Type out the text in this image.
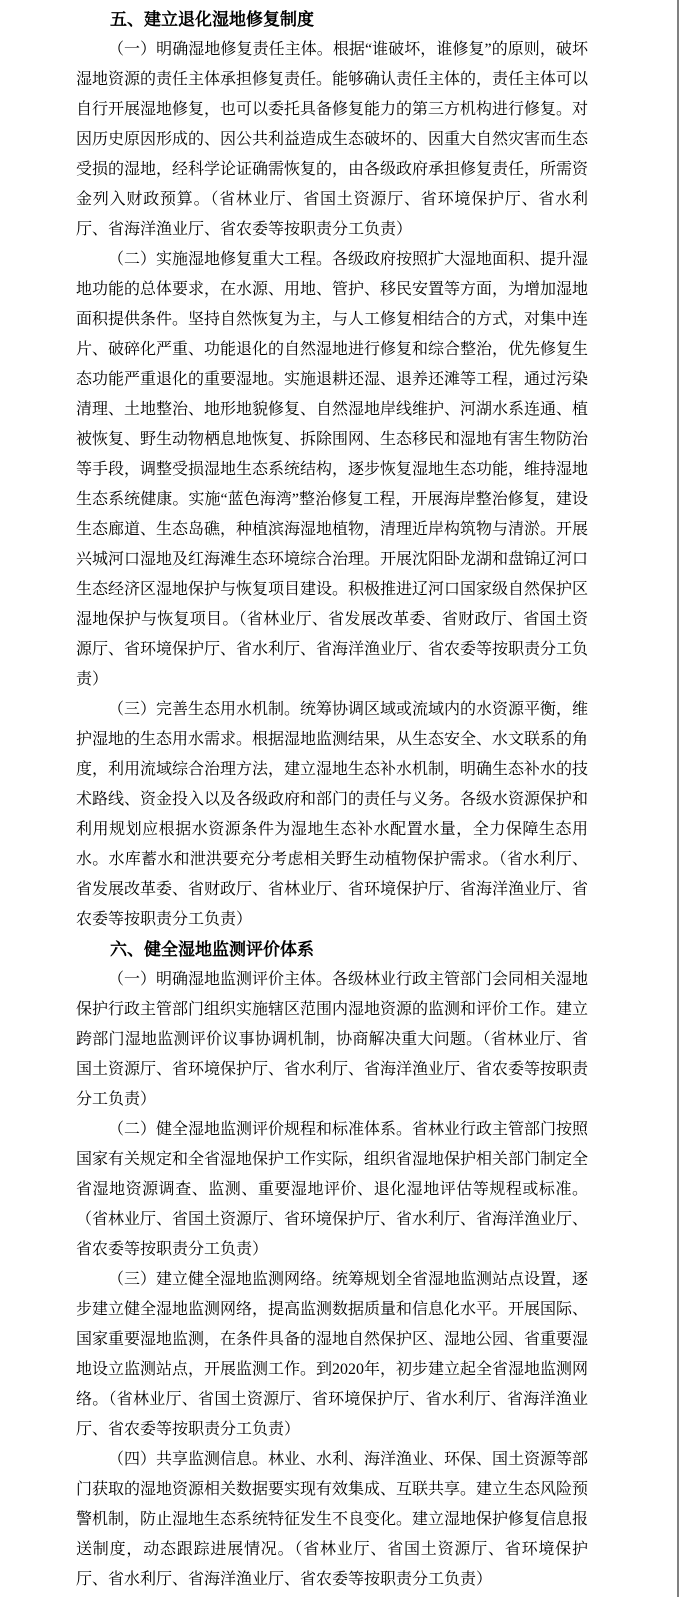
五、建立退化湿地修复制度

（一）明确湿地修复责任主体。根据“谁破坏，谁修复”的原则，破坏湿地资源的责任主体承担修复责任。能够确认责任主体的，责任主体可以自行开展湿地修复，也可以委托具备修复能力的第三方机构进行修复。对因历史原因形成的、因公共利益造成生态破坏的、因重大自然灾害而生态受损的湿地，经科学论证确需恢复的，由各级政府承担修复责任，所需资金列入财政预算。（省林业厅、省国土资源厅、省环境保护厅、省水利厅、省海洋渔业厅、省农委等按职责分工负责）

（二）实施湿地修复重大工程。各级政府按照扩大湿地面积、提升湿地功能的总体要求，在水源、用地、管护、移民安置等方面，为增加湿地面积提供条件。坚持自然恢复为主，与人工修复相结合的方式，对集中连片、破碎化严重、功能退化的自然湿地进行修复和综合整治，优先修复生态功能严重退化的重要湿地。实施退耕还湿、退养还滩等工程，通过污染清理、土地整治、地形地貌修复、自然湿地岸线维护、河湖水系连通、植被恢复、野生动物栖息地恢复、拆除围网、生态移民和湿地有害生物防治等手段，调整受损湿地生态系统结构，逐步恢复湿地生态功能，维持湿地生态系统健康。实施“蓝色海湾”整治修复工程，开展海岸整治修复，建设生态廊道、生态岛礁，种植滨海湿地植物，清理近岸构筑物与清淤。开展兴城河口湿地及红海滩生态环境综合治理。开展沈阳卧龙湖和盘锦辽河口生态经济区湿地保护与恢复项目建设。积极推进辽河口国家级自然保护区湿地保护与恢复项目。（省林业厅、省发展改革委、省财政厅、省国土资源厅、省环境保护厅、省水利厅、省海洋渔业厅、省农委等按职责分工负责）

（三）完善生态用水机制。统筹协调区域或流域内的水资源平衡，维护湿地的生态用水需求。根据湿地监测结果，从生态安全、水文联系的角度，利用流域综合治理方法，建立湿地生态补水机制，明确生态补水的技术路线、资金投入以及各级政府和部门的责任与义务。各级水资源保护和利用规划应根据水资源条件为湿地生态补水配置水量，全力保障生态用水。水库蓄水和泄洪要充分考虑相关野生动植物保护需求。（省水利厅、省发展改革委、省财政厅、省林业厅、省环境保护厅、省海洋渔业厅、省农委等按职责分工负责）

六、健全湿地监测评价体系

（一）明确湿地监测评价主体。各级林业行政主管部门会同相关湿地保护行政主管部门组织实施辖区范围内湿地资源的监测和评价工作。建立跨部门湿地监测评价议事协调机制，协商解决重大问题。（省林业厅、省国土资源厅、省环境保护厅、省水利厅、省海洋渔业厅、省农委等按职责分工负责）

（二）健全湿地监测评价规程和标准体系。省林业行政主管部门按照国家有关规定和全省湿地保护工作实际，组织省湿地保护相关部门制定全省湿地资源调查、监测、重要湿地评价、退化湿地评估等规程或标准。（省林业厅、省国土资源厅、省环境保护厅、省水利厅、省海洋渔业厅、省农委等按职责分工负责）

（三）建立健全湿地监测网络。统筹规划全省湿地监测站点设置，逐步建立健全湿地监测网络，提高监测数据质量和信息化水平。开展国际、国家重要湿地监测，在条件具备的湿地自然保护区、湿地公园、省重要湿地设立监测站点，开展监测工作。到2020年，初步建立起全省湿地监测网络。（省林业厅、省国土资源厅、省环境保护厅、省水利厅、省海洋渔业厅、省农委等按职责分工负责）

（四）共享监测信息。林业、水利、海洋渔业、环保、国土资源等部门获取的湿地资源相关数据要实现有效集成、互联共享。建立生态风险预警机制，防止湿地生态系统特征发生不良变化。建立湿地保护修复信息报送制度，动态跟踪进展情况。（省林业厅、省国土资源厅、省环境保护厅、省水利厅、省海洋渔业厅、省农委等按职责分工负责）
